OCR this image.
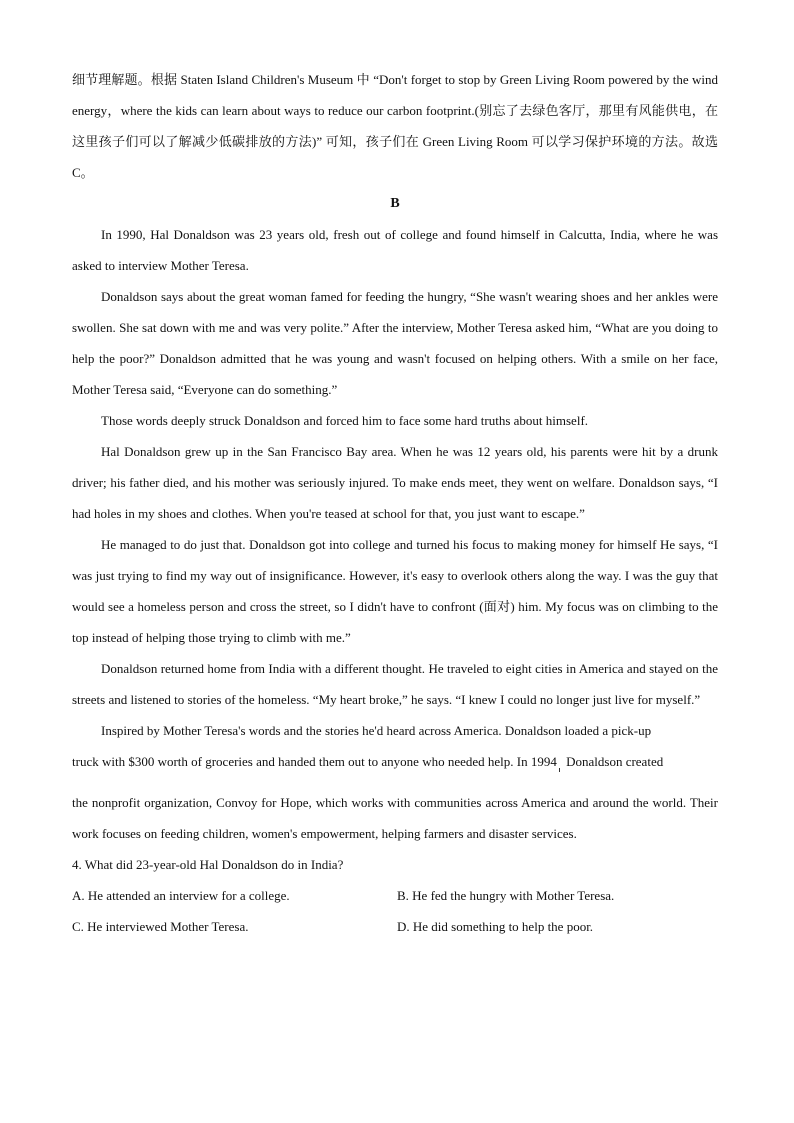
细节理解题。根据 Staten Island Children's Museum 中 “Don't forget to stop by Green Living Room powered by the wind energy，where the kids can learn about ways to reduce our carbon footprint.(别忘了去绿色客厅，那里有风能供电，在这里孩子们可以了解减少低碳排放的方法)” 可知，孩子们在 Green Living Room 可以学习保护环境的方法。故选 C。

B

In 1990, Hal Donaldson was 23 years old, fresh out of college and found himself in Calcutta, India, where he was asked to interview Mother Teresa.

Donaldson says about the great woman famed for feeding the hungry, “She wasn't wearing shoes and her ankles were swollen. She sat down with me and was very polite.” After the interview, Mother Teresa asked him, “What are you doing to help the poor?” Donaldson admitted that he was young and wasn't focused on helping others. With a smile on her face, Mother Teresa said, “Everyone can do something.”

Those words deeply struck Donaldson and forced him to face some hard truths about himself.

Hal Donaldson grew up in the San Francisco Bay area. When he was 12 years old, his parents were hit by a drunk driver; his father died, and his mother was seriously injured. To make ends meet, they went on welfare. Donaldson says, “I had holes in my shoes and clothes. When you're teased at school for that, you just want to escape.”

He managed to do just that. Donaldson got into college and turned his focus to making money for himself He says, “I was just trying to find my way out of insignificance. However, it's easy to overlook others along the way. I was the guy that would see a homeless person and cross the street, so I didn't have to confront (面对) him. My focus was on climbing to the top instead of helping those trying to climb with me.”

Donaldson returned home from India with a different thought. He traveled to eight cities in America and stayed on the streets and listened to stories of the homeless. “My heart broke,” he says. “I knew I could no longer just live for myself.”

Inspired by Mother Teresa's words and the stories he'd heard across America. Donaldson loaded a pick-up

truck with $300 worth of groceries and handed them out to anyone who needed help. In 1994 Donaldson created

the nonprofit organization, Convoy for Hope, which works with communities across America and around the world. Their work focuses on feeding children, women's empowerment, helping farmers and disaster services.

4. What did 23-year-old Hal Donaldson do in India?

A. He attended an interview for a college.	B. He fed the hungry with Mother Teresa.
C. He interviewed Mother Teresa.	D. He did something to help the poor.
